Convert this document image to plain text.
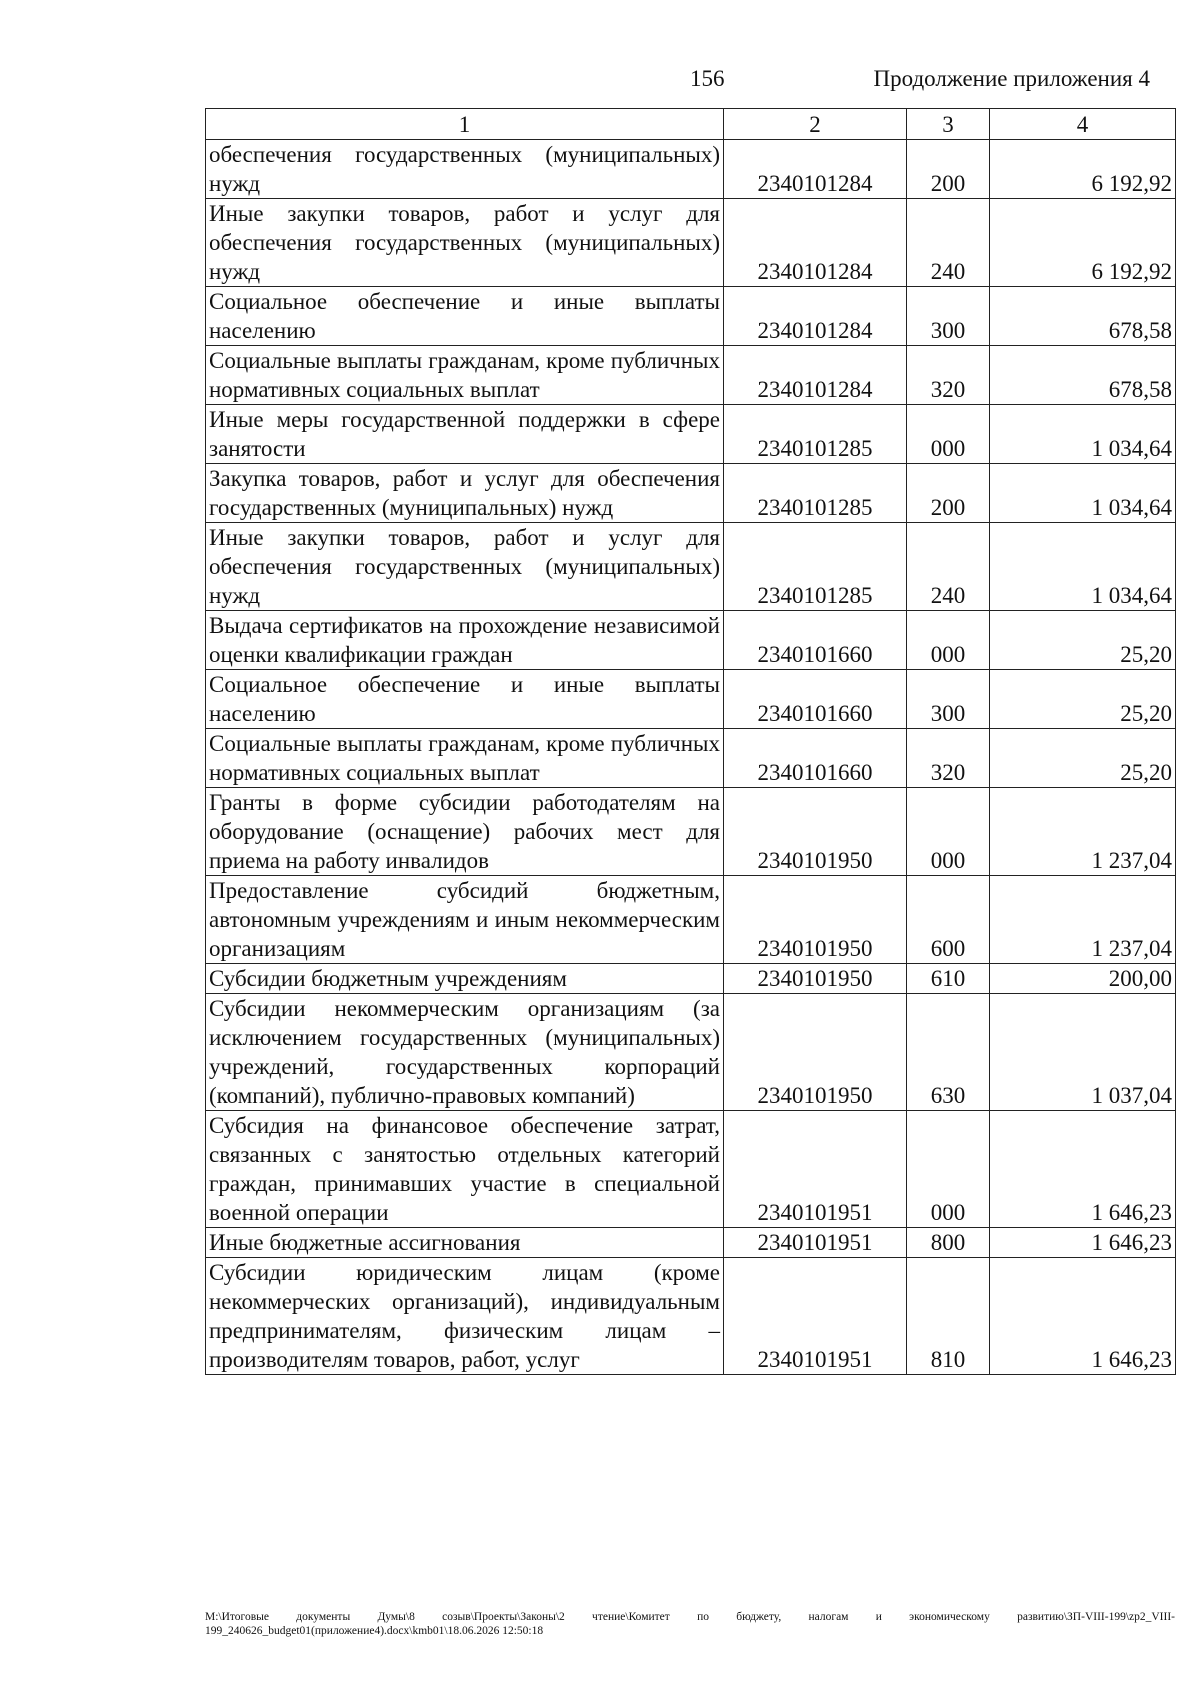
156	Продолжение приложения 4
1	2	3	4
обеспечения государственных (муниципальных) нужд	2340101284	200	6 192,92
Иные закупки товаров, работ и услуг для обеспечения государственных (муниципальных) нужд	2340101284	240	6 192,92
Социальное обеспечение и иные выплаты населению	2340101284	300	678,58
Социальные выплаты гражданам, кроме публичных нормативных социальных выплат	2340101284	320	678,58
Иные меры государственной поддержки в сфере занятости	2340101285	000	1 034,64
Закупка товаров, работ и услуг для обеспечения государственных (муниципальных) нужд	2340101285	200	1 034,64
Иные закупки товаров, работ и услуг для обеспечения государственных (муниципальных) нужд	2340101285	240	1 034,64
Выдача сертификатов на прохождение независимой оценки квалификации граждан	2340101660	000	25,20
Социальное обеспечение и иные выплаты населению	2340101660	300	25,20
Социальные выплаты гражданам, кроме публичных нормативных социальных выплат	2340101660	320	25,20
Гранты в форме субсидии работодателям на оборудование (оснащение) рабочих мест для приема на работу инвалидов	2340101950	000	1 237,04
Предоставление субсидий бюджетным, автономным учреждениям и иным некоммерческим организациям	2340101950	600	1 237,04
Субсидии бюджетным учреждениям	2340101950	610	200,00
Субсидии некоммерческим организациям (за исключением государственных (муниципальных) учреждений, государственных корпораций (компаний), публично-правовых компаний)	2340101950	630	1 037,04
Субсидия на финансовое обеспечение затрат, связанных с занятостью отдельных категорий граждан, принимавших участие в специальной военной операции	2340101951	000	1 646,23
Иные бюджетные ассигнования	2340101951	800	1 646,23
Субсидии юридическим лицам (кроме некоммерческих организаций), индивидуальным предпринимателям, физическим лицам – производителям товаров, работ, услуг	2340101951	810	1 646,23
M:\Итоговые документы Думы\8 созыв\Проекты\Законы\2 чтение\Комитет по бюджету, налогам и экономическому развитию\ЗП-VIII-199\zp2_VIII-199_240626_budget01(приложение4).docx\kmb01\18.06.2026 12:50:18
